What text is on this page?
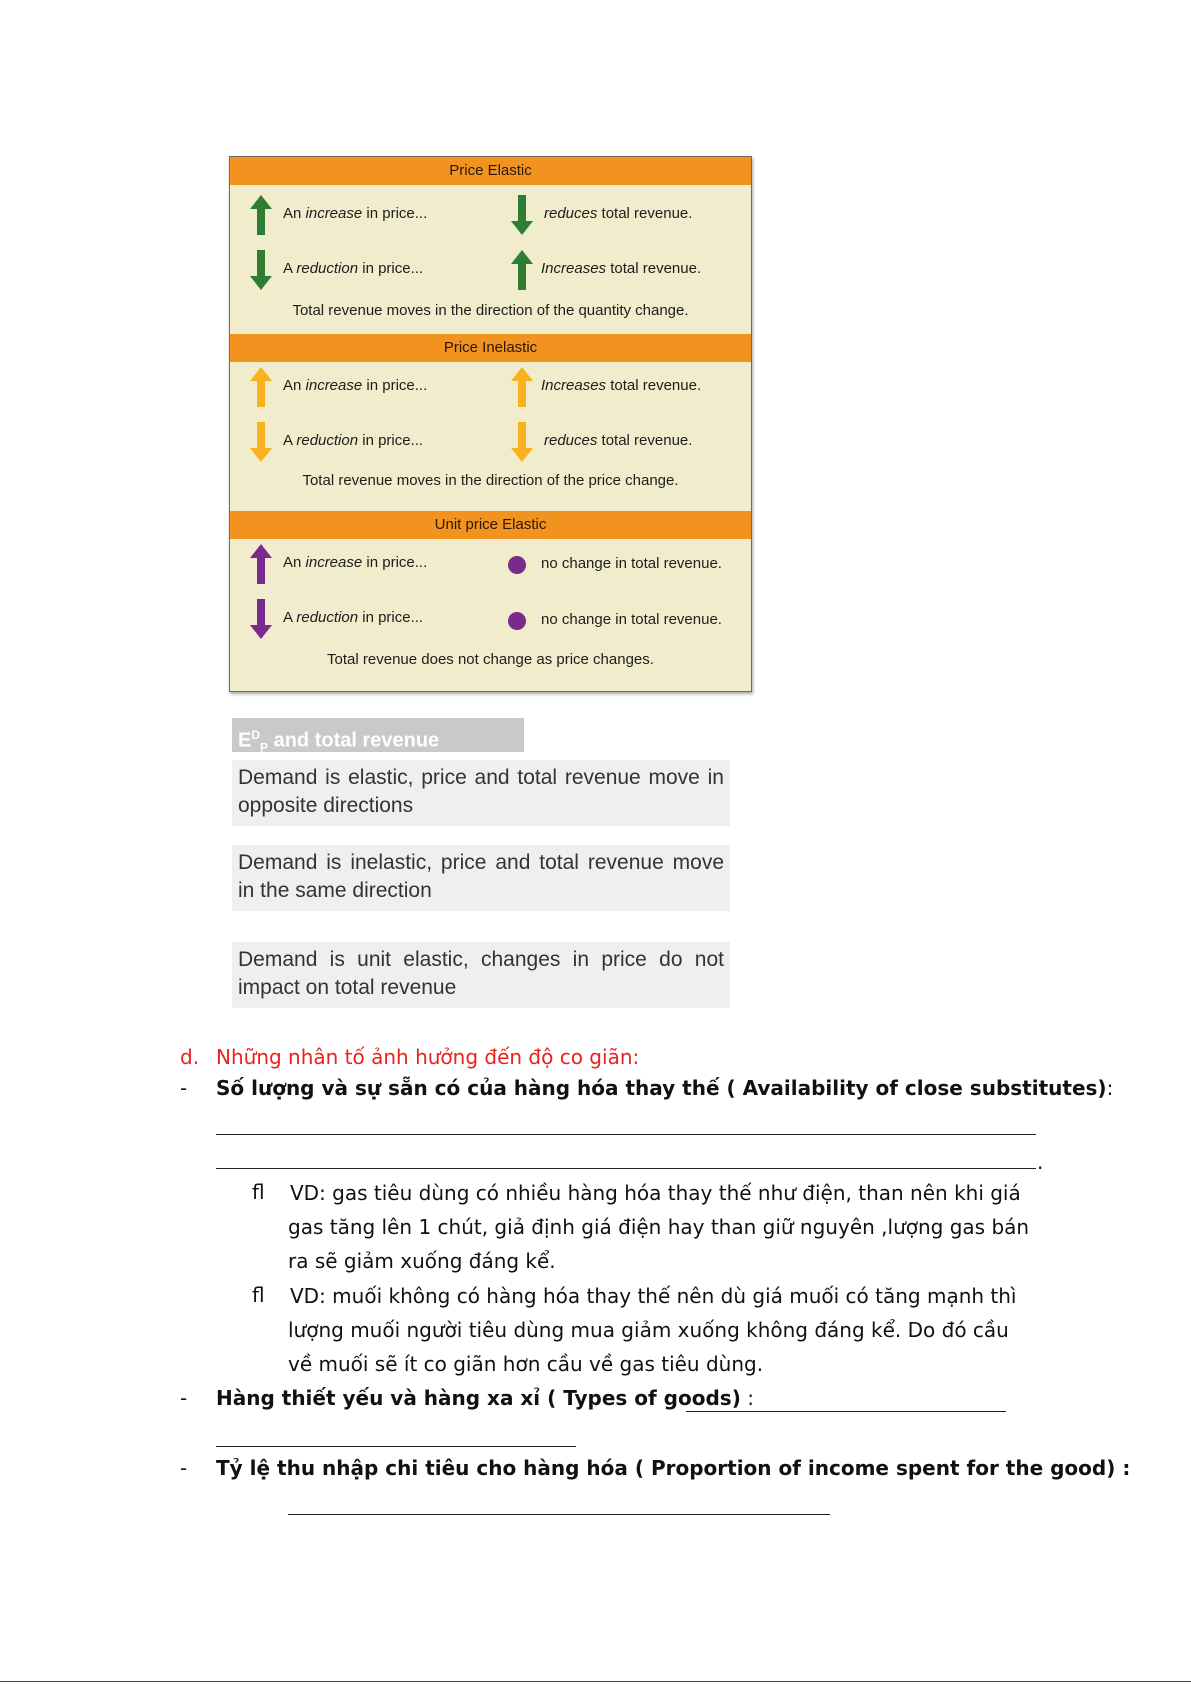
Price Elastic
An increase in price...	reduces total revenue.
A reduction in price...	Increases total revenue.
Total revenue moves in the direction of the quantity change.
Price Inelastic
An increase in price...	Increases total revenue.
A reduction in price...	reduces total revenue.
Total revenue moves in the direction of the price change.
Unit price Elastic
An increase in price...	no change in total revenue.
A reduction in price...	no change in total revenue.
Total revenue does not change as price changes.
$E^D_P$ and total revenue
Demand is elastic, price and total revenue move in opposite directions
Demand is inelastic, price and total revenue move in the same direction
Demand is unit elastic, changes in price do not impact on total revenue
d. Những nhân tố ảnh hưởng đến độ co giãn:
- Số lượng và sự sẵn có của hàng hóa thay thế ( Availability of close substitutes):
.
fl VD: gas tiêu dùng có nhiều hàng hóa thay thế như điện, than nên khi giá gas tăng lên 1 chút, giả định giá điện hay than giữ nguyên ,lượng gas bán ra sẽ giảm xuống đáng kể.
fl VD: muối không có hàng hóa thay thế nên dù giá muối có tăng mạnh thì lượng muối người tiêu dùng mua giảm xuống không đáng kể. Do đó cầu về muối sẽ ít co giãn hơn cầu về gas tiêu dùng.
- Hàng thiết yếu và hàng xa xỉ ( Types of goods) :
- Tỷ lệ thu nhập chi tiêu cho hàng hóa ( Proportion of income spent for the good) :
